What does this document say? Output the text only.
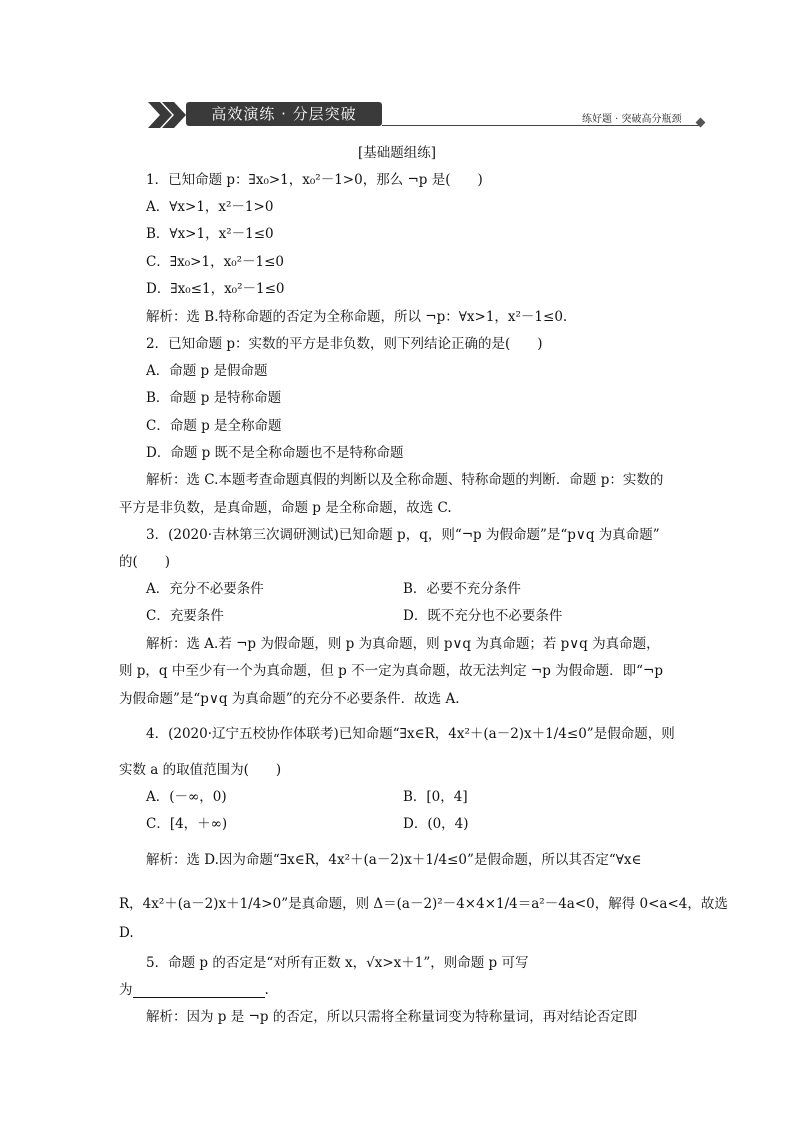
高效演练 · 分层突破	练好题 · 突破高分瓶颈
[基础题组练]
1．已知命题 p：∃x₀>1，x₀²－1>0，那么 ¬p 是(　　)
A．∀x>1，x²－1>0
B．∀x>1，x²－1≤0
C．∃x₀>1，x₀²－1≤0
D．∃x₀≤1，x₀²－1≤0
解析：选 B.特称命题的否定为全称命题，所以 ¬p：∀x>1，x²－1≤0.
2．已知命题 p：实数的平方是非负数，则下列结论正确的是(　　)
A．命题 p 是假命题
B．命题 p 是特称命题
C．命题 p 是全称命题
D．命题 p 既不是全称命题也不是特称命题
解析：选 C.本题考查命题真假的判断以及全称命题、特称命题的判断．命题 p：实数的
平方是非负数，是真命题，命题 p 是全称命题，故选 C.
3．(2020·吉林第三次调研测试)已知命题 p，q，则“¬p 为假命题”是“p∨q 为真命题”
的(　　)
A．充分不必要条件	B．必要不充分条件
C．充要条件	D．既不充分也不必要条件
解析：选 A.若 ¬p 为假命题，则 p 为真命题，则 p∨q 为真命题；若 p∨q 为真命题，
则 p，q 中至少有一个为真命题，但 p 不一定为真命题，故无法判定 ¬p 为假命题．即“¬p
为假命题”是“p∨q 为真命题”的充分不必要条件．故选 A.
4．(2020·辽宁五校协作体联考)已知命题“∃x∈R，4x²＋(a－2)x＋1/4≤0”是假命题，则
实数 a 的取值范围为(　　)
A．(－∞，0)	B．[0，4]
C．[4，＋∞)	D．(0，4)
解析：选 D.因为命题“∃x∈R，4x²＋(a－2)x＋1/4≤0”是假命题，所以其否定“∀x∈
R，4x²＋(a－2)x＋1/4>0”是真命题，则 Δ＝(a－2)²－4×4×1/4＝a²－4a<0，解得 0<a<4，故选
D.
5．命题 p 的否定是“对所有正数 x，√x>x＋1”，则命题 p 可写
解析：因为 p 是 ¬p 的否定，所以只需将全称量词变为特称量词，再对结论否定即
为	.
